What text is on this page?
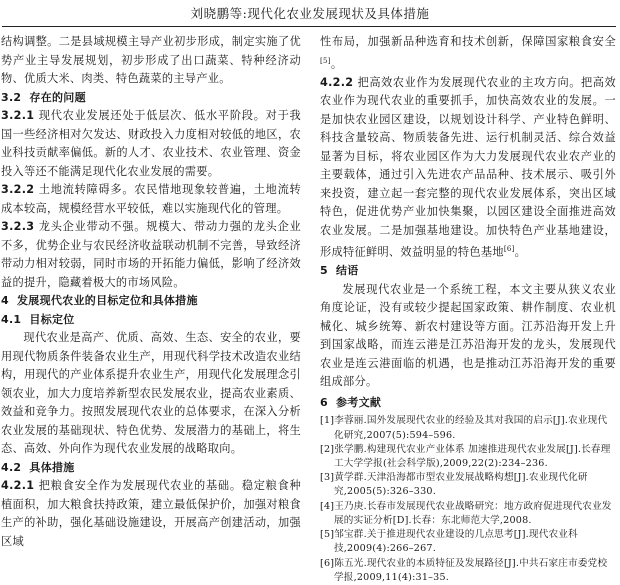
刘晓鹏等:现代化农业发展现状及具体措施

结构调整。二是县域规模主导产业初步形成，制定实施了优势产业主导发展规划，初步形成了出口蔬菜、特种经济动物、优质大米、肉类、特色蔬菜的主导产业。

3.2 存在的问题

3.2.1 现代农业发展还处于低层次、低水平阶段。对于我国一些经济相对欠发达、财政投入力度相对较低的地区，农业科技贡献率偏低。新的人才、农业技术、农业管理、资金投入等还不能满足现代化农业发展的需要。

3.2.2 土地流转障碍多。农民惜地现象较普遍，土地流转成本较高，规模经营水平较低，难以实施现代化的管理。

3.2.3 龙头企业带动不强。规模大、带动力强的龙头企业不多，优势企业与农民经济收益联动机制不完善，导致经济带动力相对较弱，同时市场的开拓能力偏低，影响了经济效益的提升，隐藏着极大的市场风险。

4 发展现代农业的目标定位和具体措施
4.1 目标定位

现代农业是高产、优质、高效、生态、安全的农业，要用现代物质条件装备农业生产，用现代科学技术改造农业结构，用现代的产业体系提升农业生产，用现代化发展理念引领农业，加大力度培养新型农民发展农业，提高农业素质、效益和竞争力。按照发展现代农业的总体要求，在深入分析农业发展的基础现状、特色优势、发展潜力的基础上，将生态、高效、外向作为现代农业发展的战略取向。

4.2 具体措施

4.2.1 把粮食安全作为发展现代农业的基础。稳定粮食种植面积，加大粮食扶持政策，建立最低保护价，加强对粮食生产的补助，强化基础设施建设，开展高产创建活动，加强区域

性布局，加强新品种选育和技术创新，保障国家粮食安全[5]。

4.2.2 把高效农业作为发展现代农业的主攻方向。把高效农业作为现代农业的重要抓手，加快高效农业的发展。一是加快农业园区建设，以规划设计科学、产业特色鲜明、科技含量较高、物质装备先进、运行机制灵活、综合效益显著为目标，将农业园区作为大力发展现代农业农产业的主要载体，通过引入先进农产品品种、技术展示、吸引外来投资，建立起一套完整的现代农业发展体系，突出区域特色，促进优势产业加快集聚，以园区建设全面推进高效农业发展。二是加强基地建设。加快特色产业基地建设，形成特征鲜明、效益明显的特色基地[6]。

5 结语

发展现代农业是一个系统工程，本文主要从狭义农业角度论证，没有或较少提起国家政策、耕作制度、农业机械化、城乡统筹、新农村建设等方面。江苏沿海开发上升到国家战略，而连云港是江苏沿海开发的龙头，发展现代农业是连云港面临的机遇，也是推动江苏沿海开发的重要组成部分。

6 参考文献
[1]李蓉丽.国外发展现代农业的经验及其对我国的启示[J].农业现代化研究,2007(5):594–596.
[2]张学鹏.构建现代农业产业体系 加速推进现代农业发展[J].长春理工大学学报(社会科学版),2009,22(2):234–236.
[3]黄学群.天津沿海都市型农业发展战略构想[J].农业现代化研究,2005(5):326–330.
[4]王乃庚.长春市发展现代农业战略研究：地方政府促进现代农业发展的实证分析[D].长春：东北师范大学,2008.
[5]邹宝群.关于推进现代农业建设的几点思考[J].现代农业科技,2009(4):266–267.
[6]陈五光.现代农业的本质特征及发展路径[J].中共石家庄市委党校学报,2009,11(4):31–35.
